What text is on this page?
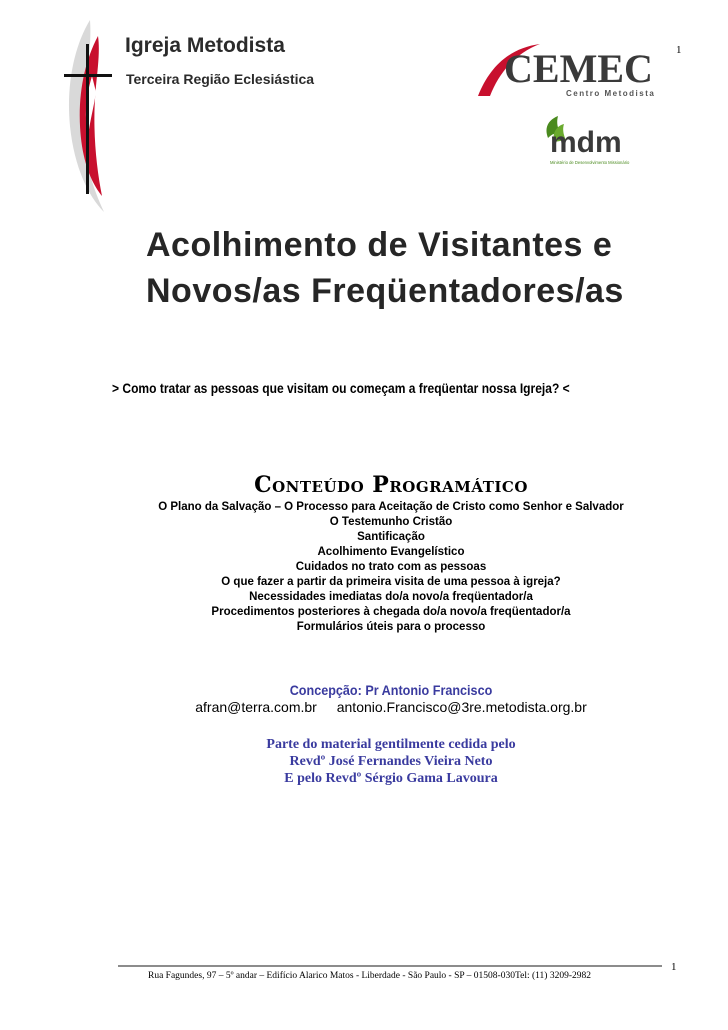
Igreja Metodista
Terceira Região Eclesiástica
1
CEMEC
Centro Metodista
mdm
Ministério de Desenvolvimento Missionário
Acolhimento de Visitantes e
Novos/as Freqüentadores/as
> Como tratar as pessoas que visitam ou começam a freqüentar nossa Igreja? <
Conteúdo Programático
O Plano da Salvação – O Processo para Aceitação de Cristo como Senhor e Salvador
O Testemunho Cristão
Santificação
Acolhimento Evangelístico
Cuidados no trato com as pessoas
O que fazer a partir da primeira visita de uma pessoa à igreja?
Necessidades imediatas do/a novo/a freqüentador/a
Procedimentos posteriores à chegada do/a novo/a freqüentador/a
Formulários úteis para o processo
Concepção: Pr Antonio Francisco
afran@terra.com.br antonio.Francisco@3re.metodista.org.br
Parte do material gentilmente cedida pelo
Revdº José Fernandes Vieira Neto
E pelo Revdº Sérgio Gama Lavoura
Rua Fagundes, 97 – 5º andar – Edifício Alarico Matos - Liberdade - São Paulo - SP – 01508-030Tel: (11) 3209-2982
1
